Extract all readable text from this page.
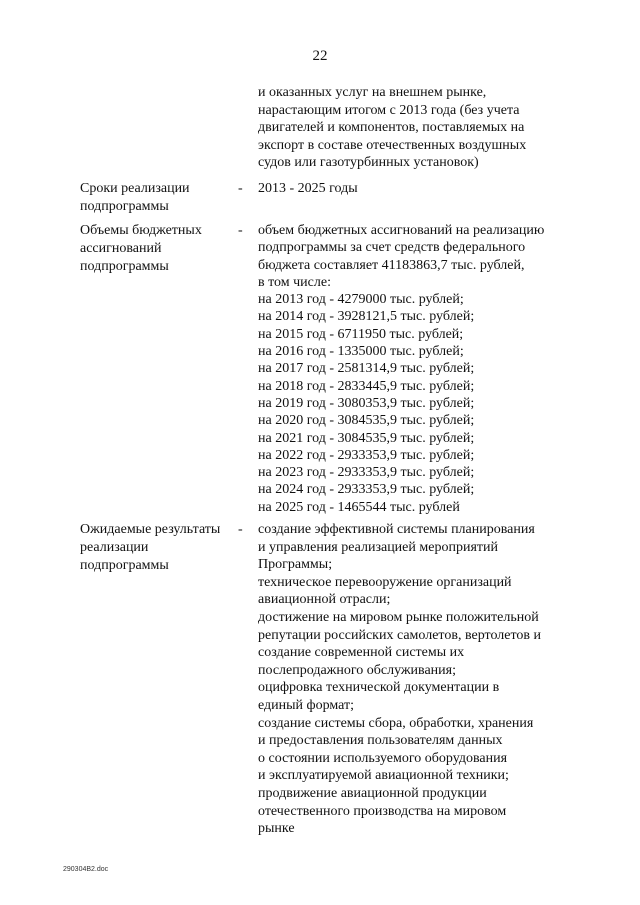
22
и оказанных услуг на внешнем рынке,
нарастающим итогом с 2013 года (без учета
двигателей и компонентов, поставляемых на
экспорт в составе отечественных воздушных
судов или газотурбинных установок)
Сроки реализации
подпрограммы
- 2013 - 2025 годы
Объемы бюджетных
ассигнований
подпрограммы
- объем бюджетных ассигнований на реализацию
подпрограммы за счет средств федерального
бюджета составляет 41183863,7 тыс. рублей,
в том числе:
на 2013 год - 4279000 тыс. рублей;
на 2014 год - 3928121,5 тыс. рублей;
на 2015 год - 6711950 тыс. рублей;
на 2016 год - 1335000 тыс. рублей;
на 2017 год - 2581314,9 тыс. рублей;
на 2018 год - 2833445,9 тыс. рублей;
на 2019 год - 3080353,9 тыс. рублей;
на 2020 год - 3084535,9 тыс. рублей;
на 2021 год - 3084535,9 тыс. рублей;
на 2022 год - 2933353,9 тыс. рублей;
на 2023 год - 2933353,9 тыс. рублей;
на 2024 год - 2933353,9 тыс. рублей;
на 2025 год - 1465544 тыс. рублей
Ожидаемые результаты
реализации
подпрограммы
- создание эффективной системы планирования
и управления реализацией мероприятий
Программы;
техническое перевооружение организаций
авиационной отрасли;
достижение на мировом рынке положительной
репутации российских самолетов, вертолетов и
создание современной системы их
послепродажного обслуживания;
оцифровка технической документации в
единый формат;
создание системы сбора, обработки, хранения
и предоставления пользователям данных
о состоянии используемого оборудования
и эксплуатируемой авиационной техники;
продвижение авиационной продукции
отечественного производства на мировом
рынке
290304B2.doc
